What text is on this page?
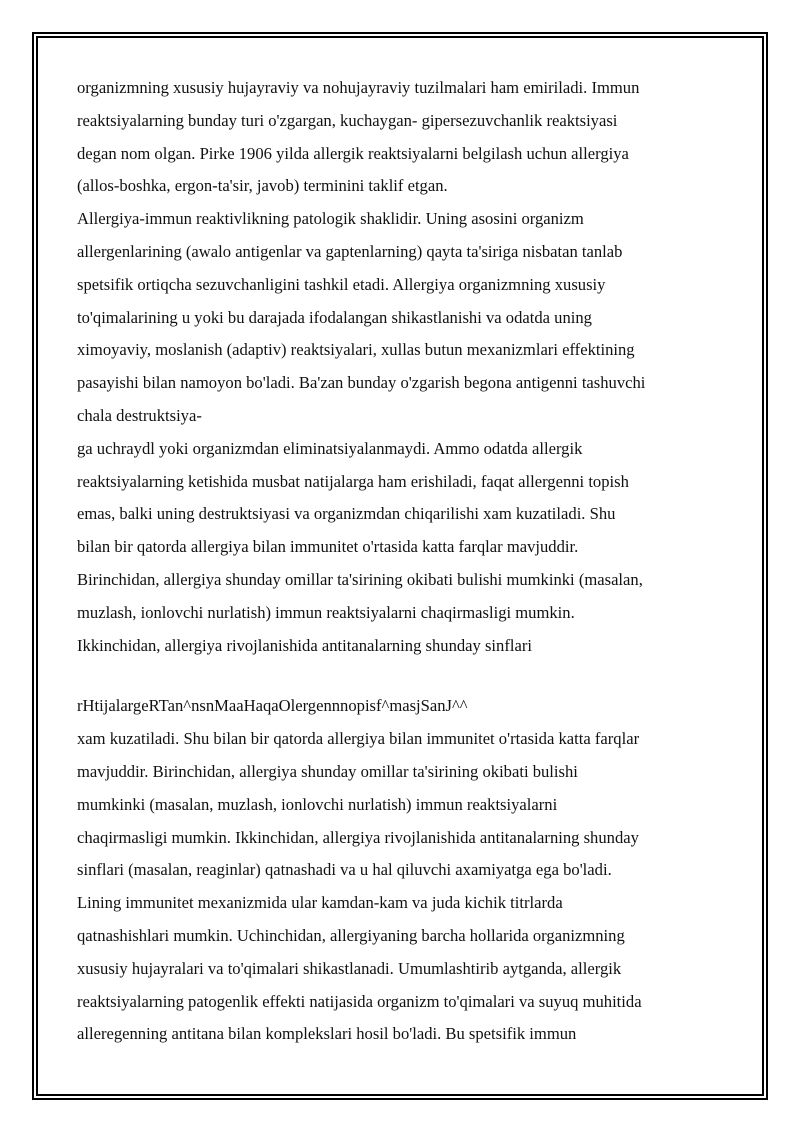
organizmning xususiy hujayraviy va nohujayraviy tuzilmalari ham emiriladi. Immun
reaktsiyalarning bunday turi o'zgargan, kuchaygan- gipersezuvchanlik reaktsiyasi
degan nom olgan. Pirke 1906 yilda allergik reaktsiyalarni belgilash uchun allergiya
(allos-boshka, ergon-ta'sir, javob) terminini taklif etgan.
Allergiya-immun reaktivlikning patologik shaklidir. Uning asosini organizm
allergenlarining (awalo antigenlar va gaptenlarning) qayta ta'siriga nisbatan tanlab
spetsifik ortiqcha sezuvchanligini tashkil etadi. Allergiya organizmning xususiy
to'qimalarining u yoki bu darajada ifodalangan shikastlanishi va odatda uning
ximoyaviy, moslanish (adaptiv) reaktsiyalari, xullas butun mexanizmlari effektining
pasayishi bilan namoyon bo'ladi. Ba'zan bunday o'zgarish begona antigenni tashuvchi
chala destruktsiya-
ga uchraydl yoki organizmdan eliminatsiyalanmaydi. Ammo odatda allergik
reaktsiyalarning ketishida musbat natijalarga ham erishiladi, faqat allergenni topish
emas, balki uning destruktsiyasi va organizmdan chiqarilishi xam kuzatiladi. Shu
bilan bir qatorda allergiya bilan immunitet o'rtasida katta farqlar mavjuddir.
Birinchidan, allergiya shunday omillar ta'sirining okibati bulishi mumkinki (masalan,
muzlash, ionlovchi nurlatish) immun reaktsiyalarni chaqirmasligi mumkin.
Ikkinchidan, allergiya rivojlanishida antitanalarning shunday sinflari
rHtijalargeRTan^nsnMaaHaqaOlergennnopisf^masjSanJ^^
xam kuzatiladi. Shu bilan bir qatorda allergiya bilan immunitet o'rtasida katta farqlar
mavjuddir. Birinchidan, allergiya shunday omillar ta'sirining okibati bulishi
mumkinki (masalan, muzlash, ionlovchi nurlatish) immun reaktsiyalarni
chaqirmasligi mumkin. Ikkinchidan, allergiya rivojlanishida antitanalarning shunday
sinflari (masalan, reaginlar) qatnashadi va u hal qiluvchi axamiyatga ega bo'ladi.
Lining immunitet mexanizmida ular kamdan-kam va juda kichik titrlarda
qatnashishlari mumkin. Uchinchidan, allergiyaning barcha hollarida organizmning
xususiy hujayralari va to'qimalari shikastlanadi. Umumlashtirib aytganda, allergik
reaktsiyalarning patogenlik effekti natijasida organizm to'qimalari va suyuq muhitida
alleregenning antitana bilan komplekslari hosil bo'ladi. Bu spetsifik immun
